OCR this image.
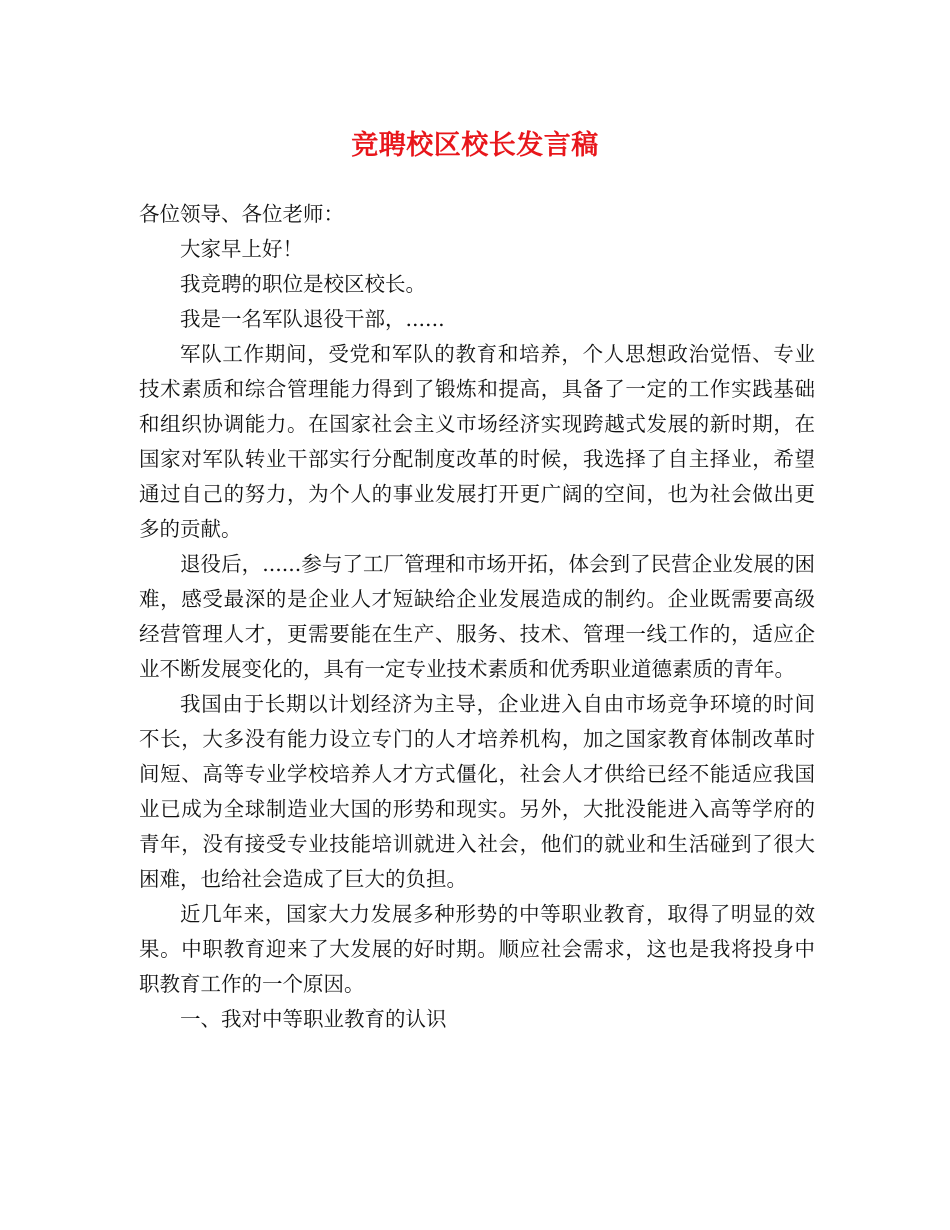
竞聘校区校长发言稿

各位领导、各位老师：

大家早上好！

我竞聘的职位是校区校长。

我是一名军队退役干部，......

军队工作期间，受党和军队的教育和培养，个人思想政治觉悟、专业技术素质和综合管理能力得到了锻炼和提高，具备了一定的工作实践基础和组织协调能力。在国家社会主义市场经济实现跨越式发展的新时期，在国家对军队转业干部实行分配制度改革的时候，我选择了自主择业，希望通过自己的努力，为个人的事业发展打开更广阔的空间，也为社会做出更多的贡献。

退役后，......参与了工厂管理和市场开拓，体会到了民营企业发展的困难，感受最深的是企业人才短缺给企业发展造成的制约。企业既需要高级经营管理人才，更需要能在生产、服务、技术、管理一线工作的，适应企业不断发展变化的，具有一定专业技术素质和优秀职业道德素质的青年。

我国由于长期以计划经济为主导，企业进入自由市场竞争环境的时间不长，大多没有能力设立专门的人才培养机构，加之国家教育体制改革时间短、高等专业学校培养人才方式僵化，社会人才供给已经不能适应我国业已成为全球制造业大国的形势和现实。另外，大批没能进入高等学府的青年，没有接受专业技能培训就进入社会，他们的就业和生活碰到了很大困难，也给社会造成了巨大的负担。

近几年来，国家大力发展多种形势的中等职业教育，取得了明显的效果。中职教育迎来了大发展的好时期。顺应社会需求，这也是我将投身中职教育工作的一个原因。

一、我对中等职业教育的认识
